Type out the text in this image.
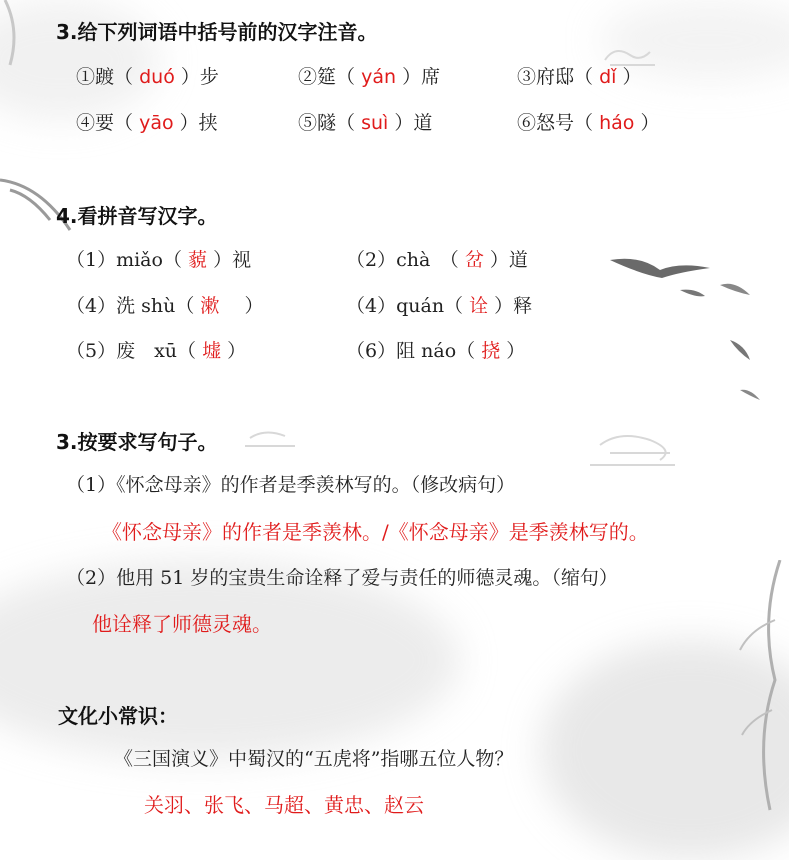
3.给下列词语中括号前的汉字注音。
①踱（ duó ）步	②筵（ yán ）席	③府邸（ dǐ ）
④要（ yāo ）挟	⑤隧（ suì ）道	⑥怒号（ háo ）
4.看拼音写汉字。
（1）miǎo（ 藐 ）视	（2）chà　（ 岔 ）道
（4）洗 shù（ 漱 　）	（4）quán（ 诠 ）释
（5）废　xū（ 墟 ）	（6）阻 náo（ 挠 ）
3.按要求写句子。
（1）《怀念母亲》的作者是季羡林写的。（修改病句）
《怀念母亲》的作者是季羡林。/《怀念母亲》是季羡林写的。
（2）他用 51 岁的宝贵生命诠释了爱与责任的师德灵魂。（缩句）
他诠释了师德灵魂。
文化小常识：
《三国演义》中蜀汉的“五虎将”指哪五位人物？
关羽、张飞、马超、黄忠、赵云
